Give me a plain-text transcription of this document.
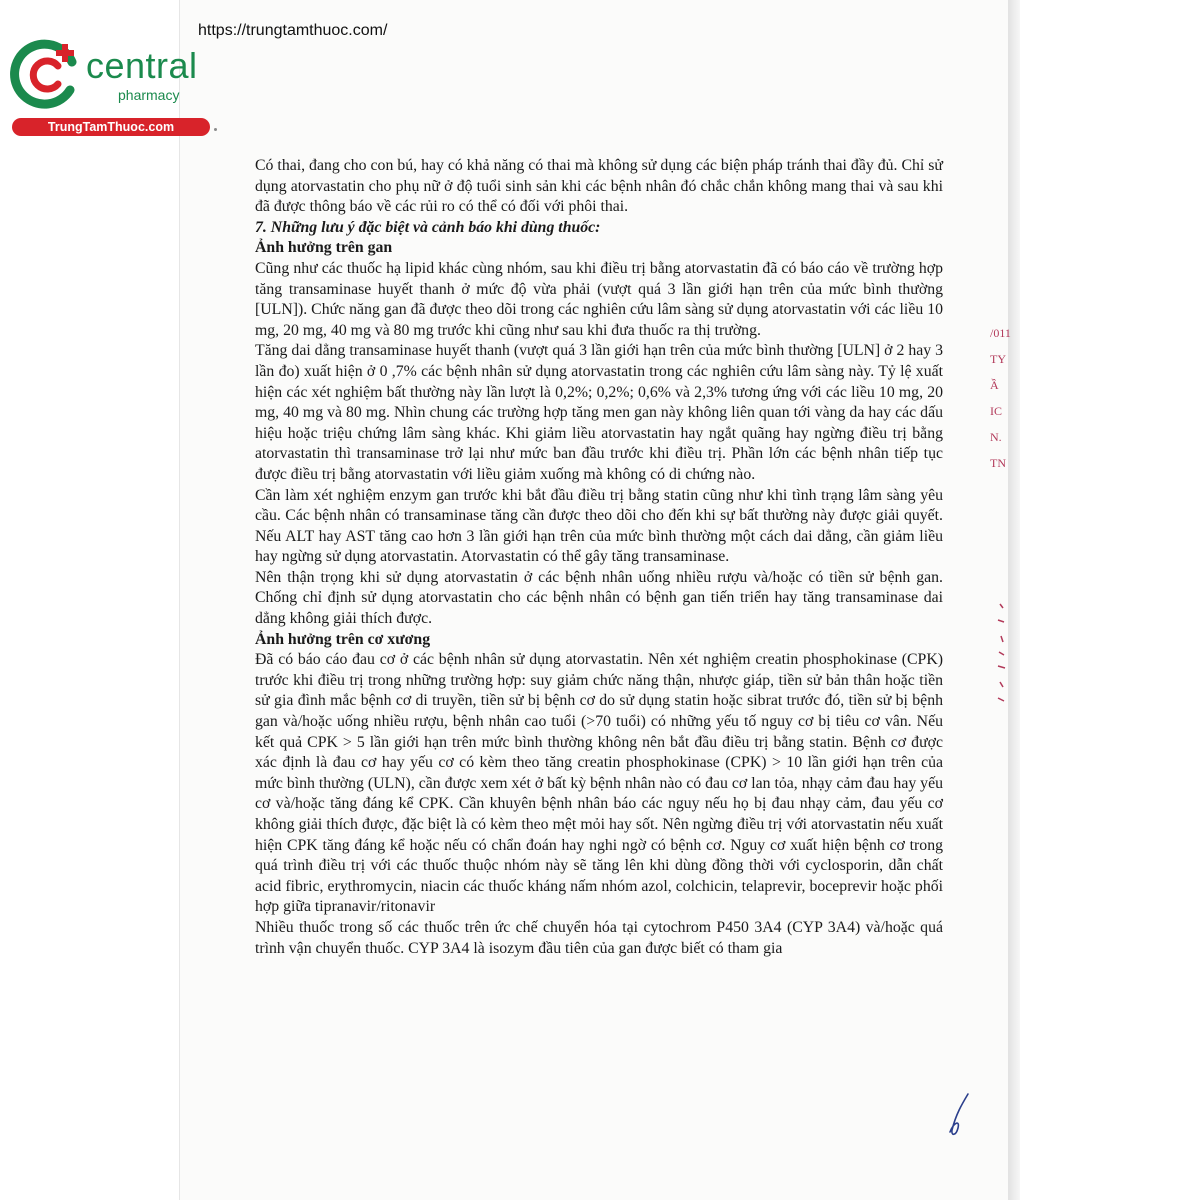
central
pharmacy
TrungTamThuoc.com
https://trungtamthuoc.com/

Có thai, đang cho con bú, hay có khả năng có thai mà không sử dụng các biện pháp tránh thai đầy đủ. Chỉ sử dụng atorvastatin cho phụ nữ ở độ tuổi sinh sản khi các bệnh nhân đó chắc chắn không mang thai và sau khi đã được thông báo về các rủi ro có thể có đối với phôi thai.

7. Những lưu ý đặc biệt và cảnh báo khi dùng thuốc:

Ảnh hưởng trên gan

Cũng như các thuốc hạ lipid khác cùng nhóm, sau khi điều trị bằng atorvastatin đã có báo cáo về trường hợp tăng transaminase huyết thanh ở mức độ vừa phải (vượt quá 3 lần giới hạn trên của mức bình thường [ULN]). Chức năng gan đã được theo dõi trong các nghiên cứu lâm sàng sử dụng atorvastatin với các liều 10 mg, 20 mg, 40 mg và 80 mg trước khi cũng như sau khi đưa thuốc ra thị trường.

Tăng dai dẳng transaminase huyết thanh (vượt quá 3 lần giới hạn trên của mức bình thường [ULN] ở 2 hay 3 lần đo) xuất hiện ở 0 ,7% các bệnh nhân sử dụng atorvastatin trong các nghiên cứu lâm sàng này. Tỷ lệ xuất hiện các xét nghiệm bất thường này lần lượt là 0,2%; 0,2%; 0,6% và 2,3% tương ứng với các liều 10 mg, 20 mg, 40 mg và 80 mg. Nhìn chung các trường hợp tăng men gan này không liên quan tới vàng da hay các dấu hiệu hoặc triệu chứng lâm sàng khác. Khi giảm liều atorvastatin hay ngắt quãng hay ngừng điều trị bằng atorvastatin thì transaminase trở lại như mức ban đầu trước khi điều trị. Phần lớn các bệnh nhân tiếp tục được điều trị bằng atorvastatin với liều giảm xuống mà không có di chứng nào.

Cần làm xét nghiệm enzym gan trước khi bắt đầu điều trị bằng statin cũng như khi tình trạng lâm sàng yêu cầu. Các bệnh nhân có transaminase tăng cần được theo dõi cho đến khi sự bất thường này được giải quyết. Nếu ALT hay AST tăng cao hơn 3 lần giới hạn trên của mức bình thường một cách dai dẳng, cần giảm liều hay ngừng sử dụng atorvastatin. Atorvastatin có thể gây tăng transaminase.

Nên thận trọng khi sử dụng atorvastatin ở các bệnh nhân uống nhiều rượu và/hoặc có tiền sử bệnh gan. Chống chỉ định sử dụng atorvastatin cho các bệnh nhân có bệnh gan tiến triển hay tăng transaminase dai dẳng không giải thích được.

Ảnh hưởng trên cơ xương

Đã có báo cáo đau cơ ở các bệnh nhân sử dụng atorvastatin. Nên xét nghiệm creatin phosphokinase (CPK) trước khi điều trị trong những trường hợp: suy giảm chức năng thận, nhược giáp, tiền sử bản thân hoặc tiền sử gia đình mắc bệnh cơ di truyền, tiền sử bị bệnh cơ do sử dụng statin hoặc sibrat trước đó, tiền sử bị bệnh gan và/hoặc uống nhiều rượu, bệnh nhân cao tuổi (>70 tuổi) có những yếu tố nguy cơ bị tiêu cơ vân. Nếu kết quả CPK > 5 lần giới hạn trên mức bình thường không nên bắt đầu điều trị bằng statin. Bệnh cơ được xác định là đau cơ hay yếu cơ có kèm theo tăng creatin phosphokinase (CPK) > 10 lần giới hạn trên của mức bình thường (ULN), cần được xem xét ở bất kỳ bệnh nhân nào có đau cơ lan tỏa, nhạy cảm đau hay yếu cơ và/hoặc tăng đáng kể CPK. Cần khuyên bệnh nhân báo các nguy nếu họ bị đau nhạy cảm, đau yếu cơ không giải thích được, đặc biệt là có kèm theo mệt mỏi hay sốt. Nên ngừng điều trị với atorvastatin nếu xuất hiện CPK tăng đáng kể hoặc nếu có chẩn đoán hay nghi ngờ có bệnh cơ. Nguy cơ xuất hiện bệnh cơ trong quá trình điều trị với các thuốc thuộc nhóm này sẽ tăng lên khi dùng đồng thời với cyclosporin, dẫn chất acid fibric, erythromycin, niacin các thuốc kháng nấm nhóm azol, colchicin, telaprevir, boceprevir hoặc phối hợp giữa tipranavir/ritonavir

Nhiều thuốc trong số các thuốc trên ức chế chuyển hóa tại cytochrom P450 3A4 (CYP 3A4) và/hoặc quá trình vận chuyển thuốc. CYP 3A4 là isozym đầu tiên của gan được biết có tham gia

/011
TY
Ầ
IC
N.
TN
